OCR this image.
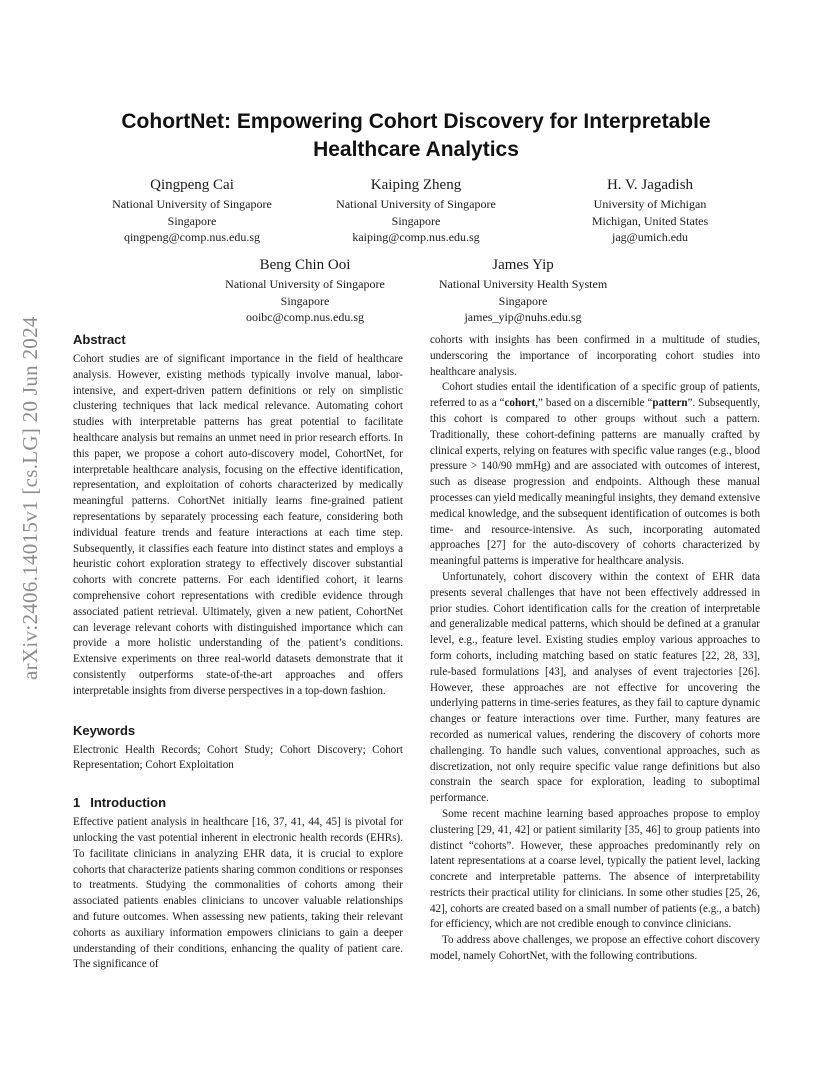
arXiv:2406.14015v1 [cs.LG] 20 Jun 2024
CohortNet: Empowering Cohort Discovery for Interpretable Healthcare Analytics
Qingpeng Cai
National University of Singapore
Singapore
qingpeng@comp.nus.edu.sg
Kaiping Zheng
National University of Singapore
Singapore
kaiping@comp.nus.edu.sg
H. V. Jagadish
University of Michigan
Michigan, United States
jag@umich.edu
Beng Chin Ooi
National University of Singapore
Singapore
ooibc@comp.nus.edu.sg
James Yip
National University Health System
Singapore
james_yip@nuhs.edu.sg
Abstract

Cohort studies are of significant importance in the field of healthcare analysis. However, existing methods typically involve manual, labor-intensive, and expert-driven pattern definitions or rely on simplistic clustering techniques that lack medical relevance. Automating cohort studies with interpretable patterns has great potential to facilitate healthcare analysis but remains an unmet need in prior research efforts. In this paper, we propose a cohort auto-discovery model, CohortNet, for interpretable healthcare analysis, focusing on the effective identification, representation, and exploitation of cohorts characterized by medically meaningful patterns. CohortNet initially learns fine-grained patient representations by separately processing each feature, considering both individual feature trends and feature interactions at each time step. Subsequently, it classifies each feature into distinct states and employs a heuristic cohort exploration strategy to effectively discover substantial cohorts with concrete patterns. For each identified cohort, it learns comprehensive cohort representations with credible evidence through associated patient retrieval. Ultimately, given a new patient, CohortNet can leverage relevant cohorts with distinguished importance which can provide a more holistic understanding of the patient’s conditions. Extensive experiments on three real-world datasets demonstrate that it consistently outperforms state-of-the-art approaches and offers interpretable insights from diverse perspectives in a top-down fashion.

Keywords

Electronic Health Records; Cohort Study; Cohort Discovery; Cohort Representation; Cohort Exploitation

1 Introduction

Effective patient analysis in healthcare [16, 37, 41, 44, 45] is pivotal for unlocking the vast potential inherent in electronic health records (EHRs). To facilitate clinicians in analyzing EHR data, it is crucial to explore cohorts that characterize patients sharing common conditions or responses to treatments. Studying the commonalities of cohorts among their associated patients enables clinicians to uncover valuable relationships and future outcomes. When assessing new patients, taking their relevant cohorts as auxiliary information empowers clinicians to gain a deeper understanding of their conditions, enhancing the quality of patient care. The significance of

cohorts with insights has been confirmed in a multitude of studies, underscoring the importance of incorporating cohort studies into healthcare analysis.

Cohort studies entail the identification of a specific group of patients, referred to as a “cohort,” based on a discernible “pattern”. Subsequently, this cohort is compared to other groups without such a pattern. Traditionally, these cohort-defining patterns are manually crafted by clinical experts, relying on features with specific value ranges (e.g., blood pressure > 140/90 mmHg) and are associated with outcomes of interest, such as disease progression and endpoints. Although these manual processes can yield medically meaningful insights, they demand extensive medical knowledge, and the subsequent identification of outcomes is both time- and resource-intensive. As such, incorporating automated approaches [27] for the auto-discovery of cohorts characterized by meaningful patterns is imperative for healthcare analysis.

Unfortunately, cohort discovery within the context of EHR data presents several challenges that have not been effectively addressed in prior studies. Cohort identification calls for the creation of interpretable and generalizable medical patterns, which should be defined at a granular level, e.g., feature level. Existing studies employ various approaches to form cohorts, including matching based on static features [22, 28, 33], rule-based formulations [43], and analyses of event trajectories [26]. However, these approaches are not effective for uncovering the underlying patterns in time-series features, as they fail to capture dynamic changes or feature interactions over time. Further, many features are recorded as numerical values, rendering the discovery of cohorts more challenging. To handle such values, conventional approaches, such as discretization, not only require specific value range definitions but also constrain the search space for exploration, leading to suboptimal performance.

Some recent machine learning based approaches propose to employ clustering [29, 41, 42] or patient similarity [35, 46] to group patients into distinct “cohorts”. However, these approaches predominantly rely on latent representations at a coarse level, typically the patient level, lacking concrete and interpretable patterns. The absence of interpretability restricts their practical utility for clinicians. In some other studies [25, 26, 42], cohorts are created based on a small number of patients (e.g., a batch) for efficiency, which are not credible enough to convince clinicians.

To address above challenges, we propose an effective cohort discovery model, namely CohortNet, with the following contributions.
